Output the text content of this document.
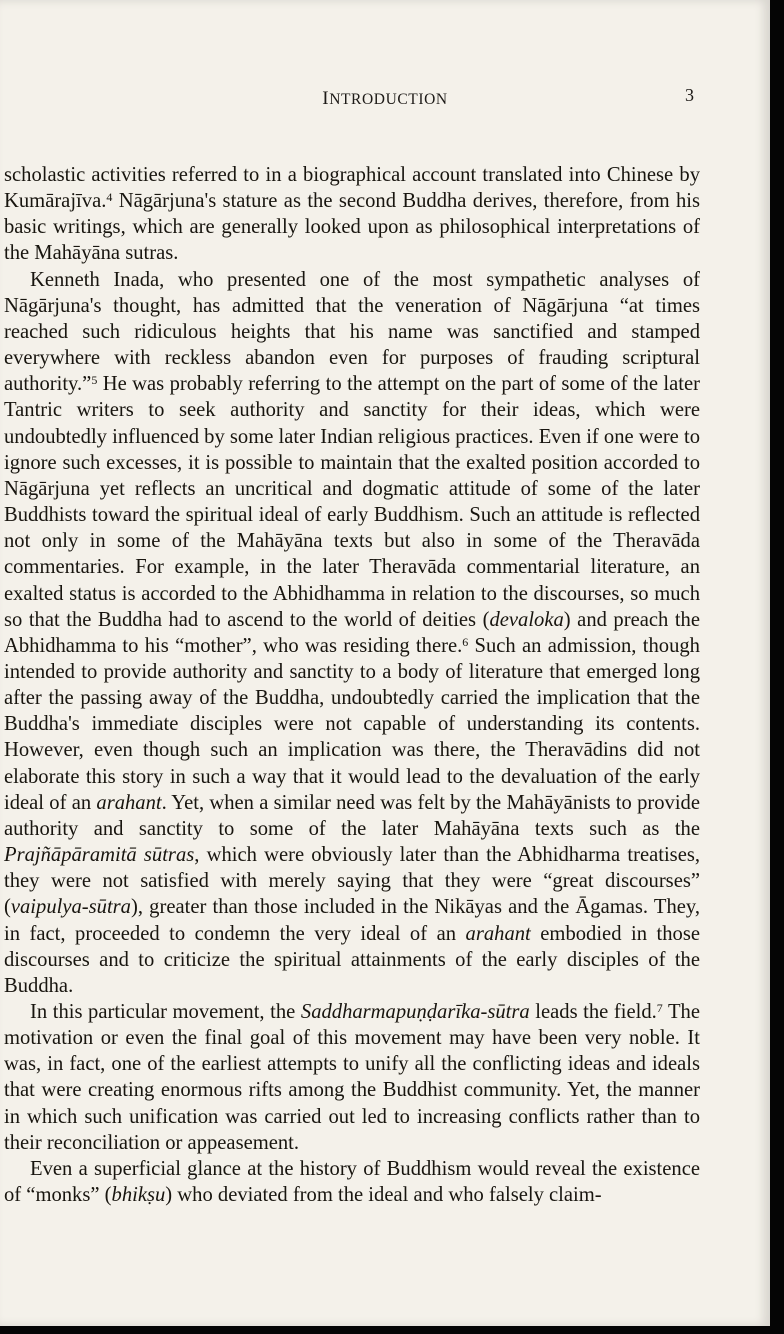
INTRODUCTION	3

scholastic activities referred to in a biographical account translated into Chinese by Kumārajīva.$^4$ Nāgārjuna's stature as the second Buddha derives, therefore, from his basic writings, which are generally looked upon as philosophical interpretations of the Mahāyāna sutras.

Kenneth Inada, who presented one of the most sympathetic analyses of Nāgārjuna's thought, has admitted that the veneration of Nāgārjuna “at times reached such ridiculous heights that his name was sanctified and stamped everywhere with reckless abandon even for purposes of frauding scriptural authority.”$^5$ He was probably referring to the attempt on the part of some of the later Tantric writers to seek authority and sanctity for their ideas, which were undoubtedly influenced by some later Indian religious practices. Even if one were to ignore such excesses, it is possible to maintain that the exalted position accorded to Nāgārjuna yet reflects an uncritical and dogmatic attitude of some of the later Buddhists toward the spiritual ideal of early Buddhism. Such an attitude is reflected not only in some of the Mahāyāna texts but also in some of the Theravāda commentaries. For example, in the later Theravāda commentarial literature, an exalted status is accorded to the Abhidhamma in relation to the discourses, so much so that the Buddha had to ascend to the world of deities (devaloka) and preach the Abhidhamma to his “mother”, who was residing there.$^6$ Such an admission, though intended to provide authority and sanctity to a body of literature that emerged long after the passing away of the Buddha, undoubtedly carried the implication that the Buddha's immediate disciples were not capable of understanding its contents. However, even though such an implication was there, the Theravādins did not elaborate this story in such a way that it would lead to the devaluation of the early ideal of an arahant. Yet, when a similar need was felt by the Mahāyānists to provide authority and sanctity to some of the later Mahāyāna texts such as the Prajñāpāramitā sūtras, which were obviously later than the Abhidharma treatises, they were not satisfied with merely saying that they were “great discourses” (vaipulya-sūtra), greater than those included in the Nikāyas and the Āgamas. They, in fact, proceeded to condemn the very ideal of an arahant embodied in those discourses and to criticize the spiritual attainments of the early disciples of the Buddha.

In this particular movement, the Saddharmapuṇḍarīka-sūtra leads the field.$^7$ The motivation or even the final goal of this movement may have been very noble. It was, in fact, one of the earliest attempts to unify all the conflicting ideas and ideals that were creating enormous rifts among the Buddhist community. Yet, the manner in which such unification was carried out led to increasing conflicts rather than to their reconciliation or appeasement.

Even a superficial glance at the history of Buddhism would reveal the existence of “monks” (bhikṣu) who deviated from the ideal and who falsely claim-
